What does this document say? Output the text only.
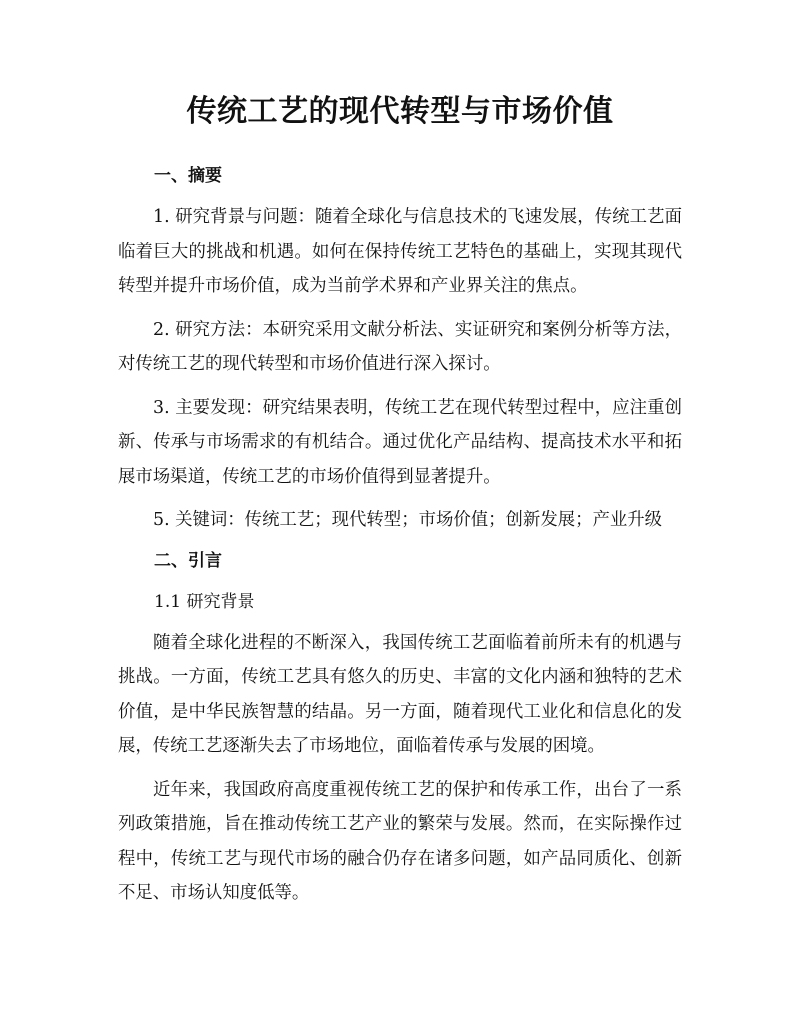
传统工艺的现代转型与市场价值
一、摘要

1. 研究背景与问题：随着全球化与信息技术的飞速发展，传统工艺面临着巨大的挑战和机遇。如何在保持传统工艺特色的基础上，实现其现代转型并提升市场价值，成为当前学术界和产业界关注的焦点。

2. 研究方法：本研究采用文献分析法、实证研究和案例分析等方法，对传统工艺的现代转型和市场价值进行深入探讨。

3. 主要发现：研究结果表明，传统工艺在现代转型过程中，应注重创新、传承与市场需求的有机结合。通过优化产品结构、提高技术水平和拓展市场渠道，传统工艺的市场价值得到显著提升。

5. 关键词：传统工艺；现代转型；市场价值；创新发展；产业升级

二、引言
1.1 研究背景

随着全球化进程的不断深入，我国传统工艺面临着前所未有的机遇与挑战。一方面，传统工艺具有悠久的历史、丰富的文化内涵和独特的艺术价值，是中华民族智慧的结晶。另一方面，随着现代工业化和信息化的发展，传统工艺逐渐失去了市场地位，面临着传承与发展的困境。

近年来，我国政府高度重视传统工艺的保护和传承工作，出台了一系列政策措施，旨在推动传统工艺产业的繁荣与发展。然而，在实际操作过程中，传统工艺与现代市场的融合仍存在诸多问题，如产品同质化、创新不足、市场认知度低等。
